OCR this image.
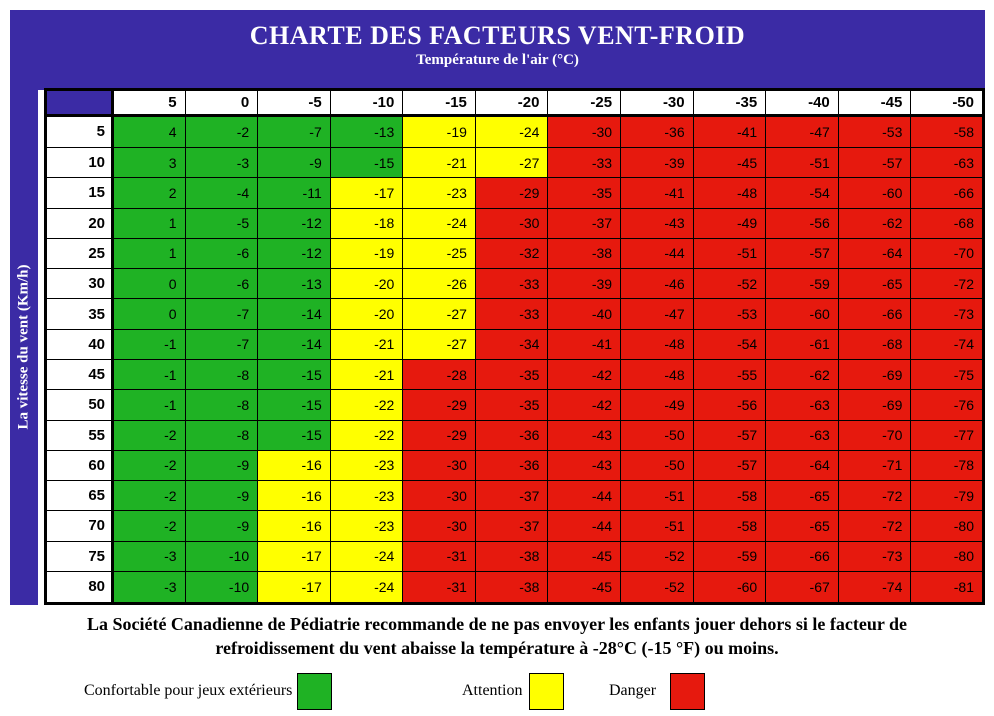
CHARTE DES FACTEURS VENT-FROID
Température de l'air (°C)
La vitesse du vent (Km/h)
	5	0	-5	-10	-15	-20	-25	-30	-35	-40	-45	-50
5	4	-2	-7	-13	-19	-24	-30	-36	-41	-47	-53	-58
10	3	-3	-9	-15	-21	-27	-33	-39	-45	-51	-57	-63
15	2	-4	-11	-17	-23	-29	-35	-41	-48	-54	-60	-66
20	1	-5	-12	-18	-24	-30	-37	-43	-49	-56	-62	-68
25	1	-6	-12	-19	-25	-32	-38	-44	-51	-57	-64	-70
30	0	-6	-13	-20	-26	-33	-39	-46	-52	-59	-65	-72
35	0	-7	-14	-20	-27	-33	-40	-47	-53	-60	-66	-73
40	-1	-7	-14	-21	-27	-34	-41	-48	-54	-61	-68	-74
45	-1	-8	-15	-21	-28	-35	-42	-48	-55	-62	-69	-75
50	-1	-8	-15	-22	-29	-35	-42	-49	-56	-63	-69	-76
55	-2	-8	-15	-22	-29	-36	-43	-50	-57	-63	-70	-77
60	-2	-9	-16	-23	-30	-36	-43	-50	-57	-64	-71	-78
65	-2	-9	-16	-23	-30	-37	-44	-51	-58	-65	-72	-79
70	-2	-9	-16	-23	-30	-37	-44	-51	-58	-65	-72	-80
75	-3	-10	-17	-24	-31	-38	-45	-52	-59	-66	-73	-80
80	-3	-10	-17	-24	-31	-38	-45	-52	-60	-67	-74	-81
La Société Canadienne de Pédiatrie recommande de ne pas envoyer les enfants jouer dehors si le facteur de
refroidissement du vent abaisse la température à -28°C (-15 °F) ou moins.
Confortable pour jeux extérieurs	Attention	Danger
